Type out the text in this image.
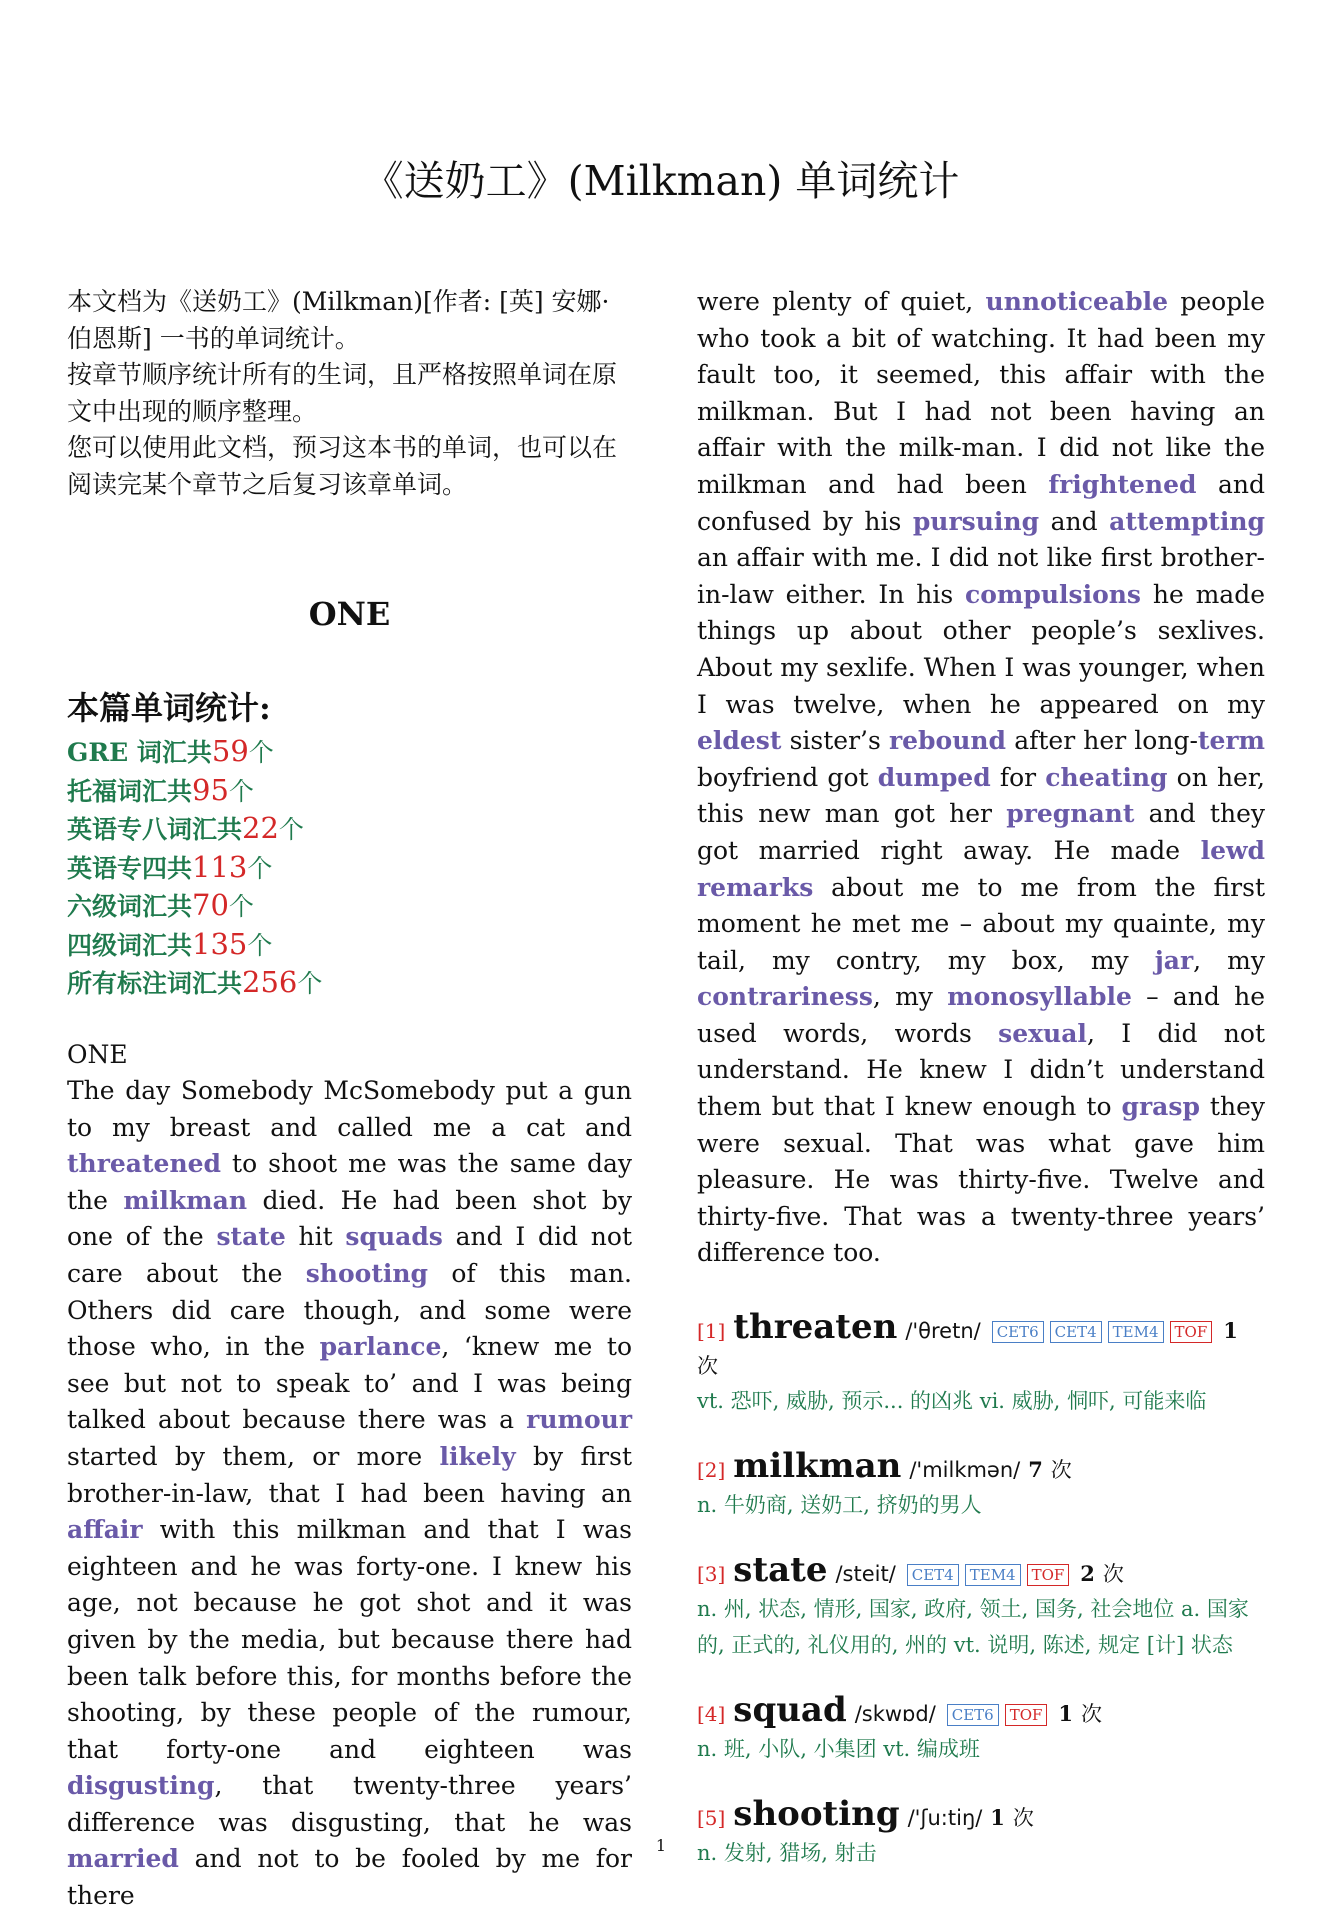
《送奶工》(Milkman) 单词统计

本文档为《送奶工》(Milkman)[作者: [英] 安娜·伯恩斯] 一书的单词统计。

按章节顺序统计所有的生词，且严格按照单词在原文中出现的顺序整理。

您可以使用此文档，预习这本书的单词，也可以在阅读完某个章节之后复习该章单词。

ONE
本篇单词统计:
GRE 词汇共59个
托福词汇共95个
英语专八词汇共22个
英语专四共113个
六级词汇共70个
四级词汇共135个
所有标注词汇共256个
ONE

The day Somebody McSomebody put a gun to my breast and called me a cat and threatened to shoot me was the same day the milkman died. He had been shot by one of the state hit squads and I did not care about the shooting of this man. Others did care though, and some were those who, in the parlance, ‘knew me to see but not to speak to’ and I was being talked about because there was a rumour started by them, or more likely by first brother-in-law, that I had been having an affair with this milkman and that I was eighteen and he was forty-one. I knew his age, not because he got shot and it was given by the media, but because there had been talk before this, for months before the shooting, by these people of the rumour, that forty-one and eighteen was disgusting, that twenty-three years’ difference was disgusting, that he was married and not to be fooled by me for there

were plenty of quiet, unnoticeable people who took a bit of watching. It had been my fault too, it seemed, this affair with the milkman. But I had not been having an affair with the milk-man. I did not like the milkman and had been frightened and confused by his pursuing and attempting an affair with me. I did not like first brother-in-law either. In his compulsions he made things up about other people’s sexlives. About my sexlife. When I was younger, when I was twelve, when he appeared on my eldest sister’s rebound after her long-term boyfriend got dumped for cheating on her, this new man got her pregnant and they got married right away. He made lewd remarks about me to me from the first moment he met me – about my quainte, my tail, my contry, my box, my jar, my contrariness, my monosyllable – and he used words, words sexual, I did not understand. He knew I didn’t understand them but that I knew enough to grasp they were sexual. That was what gave him pleasure. He was thirty-five. Twelve and thirty-five. That was a twenty-three years’ difference too.

[1] threaten /'θretn/ CET6 CET4 TEM4 TOF 1 次
vt. 恐吓, 威胁, 预示... 的凶兆 vi. 威胁, 恫吓, 可能来临
[2] milkman /'milkmən/ 7 次
n. 牛奶商, 送奶工, 挤奶的男人
[3] state /steit/ CET4 TEM4 TOF 2 次
n. 州, 状态, 情形, 国家, 政府, 领土, 国务, 社会地位 a. 国家的, 正式的, 礼仪用的, 州的 vt. 说明, 陈述, 规定 [计] 状态
[4] squad /skwɒd/ CET6 TOF 1 次
n. 班, 小队, 小集团 vt. 编成班
[5] shooting /'ʃu:tiŋ/ 1 次
n. 发射, 猎场, 射击
1
